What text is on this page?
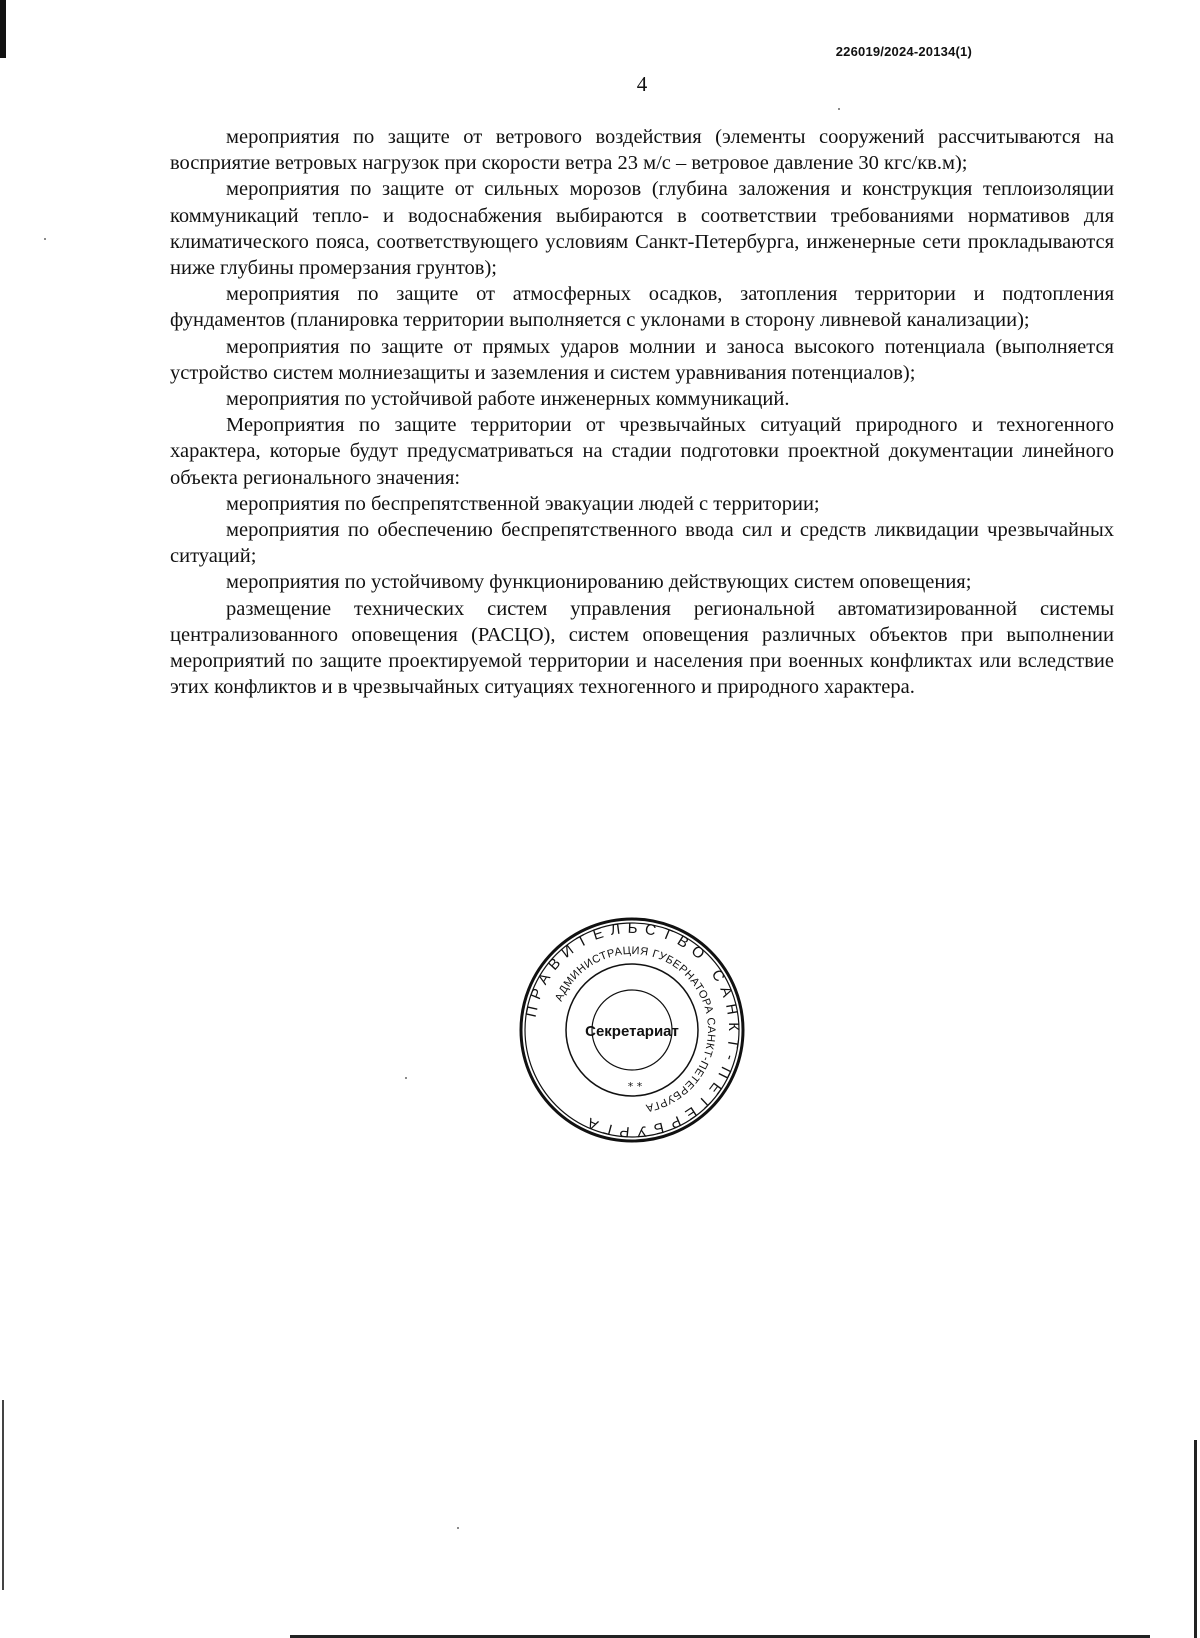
226019/2024-20134(1)
4

мероприятия по защите от ветрового воздействия (элементы сооружений рассчитываются на восприятие ветровых нагрузок при скорости ветра 23 м/с – ветровое давление 30 кгс/кв.м);

мероприятия по защите от сильных морозов (глубина заложения и конструкция теплоизоляции коммуникаций тепло- и водоснабжения выбираются в соответствии требованиями нормативов для климатического пояса, соответствующего условиям Санкт-Петербурга, инженерные сети прокладываются ниже глубины промерзания грунтов);

мероприятия по защите от атмосферных осадков, затопления территории и подтопления фундаментов (планировка территории выполняется с уклонами в сторону ливневой канализации);

мероприятия по защите от прямых ударов молнии и заноса высокого потенциала (выполняется устройство систем молниезащиты и заземления и систем уравнивания потенциалов);

мероприятия по устойчивой работе инженерных коммуникаций.

Мероприятия по защите территории от чрезвычайных ситуаций природного и техногенного характера, которые будут предусматриваться на стадии подготовки проектной документации линейного объекта регионального значения:

мероприятия по беспрепятственной эвакуации людей с территории;

мероприятия по обеспечению беспрепятственного ввода сил и средств ликвидации чрезвычайных ситуаций;

мероприятия по устойчивому функционированию действующих систем оповещения;

размещение технических систем управления региональной автоматизированной системы централизованного оповещения (РАСЦО), систем оповещения различных объектов при выполнении мероприятий по защите проектируемой территории и населения при военных конфликтах или вследствие этих конфликтов и в чрезвычайных ситуациях техногенного и природного характера.

ПРАВИТЕЛЬСТВО САНКТ-ПЕТЕРБУРГА
АДМИНИСТРАЦИЯ ГУБЕРНАТОРА САНКТ-ПЕТЕРБУРГА
Секретариат
* *
